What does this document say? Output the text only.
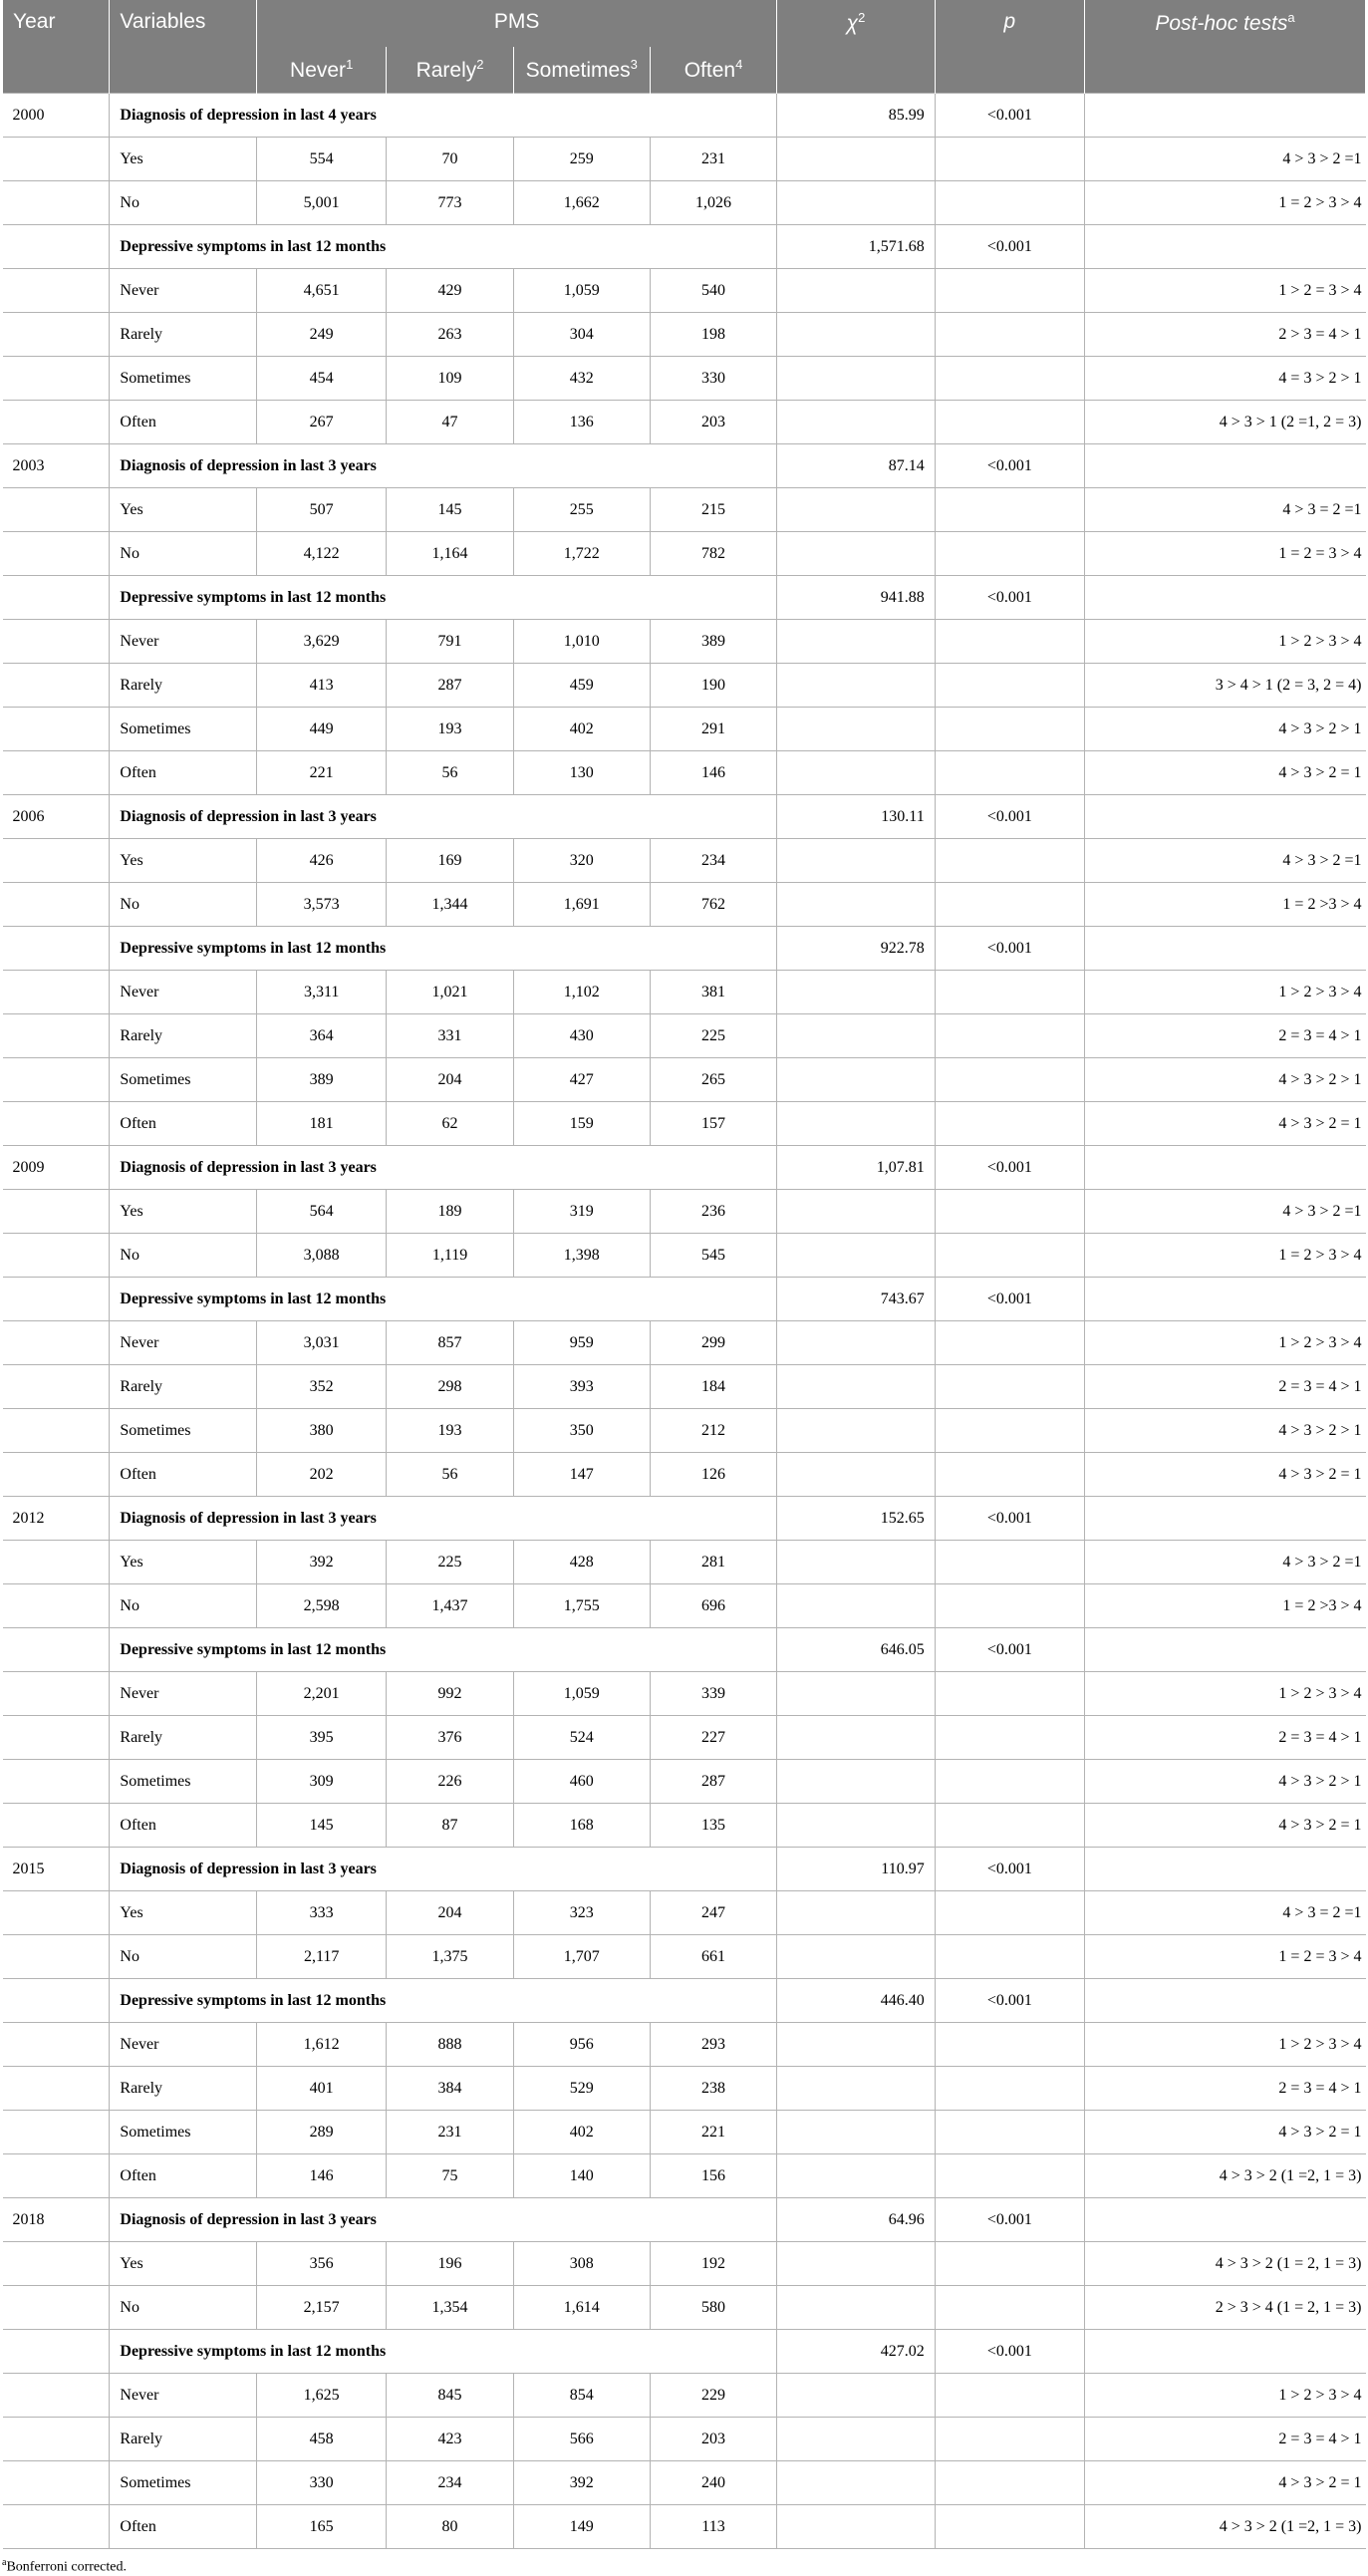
Year	Variables	PMS				$\chi^2$	p	Post-hoc tests$^a$
		Never$^1$	Rarely$^2$	Sometimes$^3$	Often$^4$
2000	Diagnosis of depression in last 4 years					85.99	<0.001	
	Yes	554	70	259	231			4 > 3 > 2 =1
	No	5,001	773	1,662	1,026			1 = 2 > 3 > 4
	Depressive symptoms in last 12 months					1,571.68	<0.001	
	Never	4,651	429	1,059	540			1 > 2 = 3 > 4
	Rarely	249	263	304	198			2 > 3 = 4 > 1
	Sometimes	454	109	432	330			4 = 3 > 2 > 1
	Often	267	47	136	203			4 > 3 > 1 (2 =1, 2 = 3)
2003	Diagnosis of depression in last 3 years					87.14	<0.001	
	Yes	507	145	255	215			4 > 3 = 2 =1
	No	4,122	1,164	1,722	782			1 = 2 = 3 > 4
	Depressive symptoms in last 12 months					941.88	<0.001	
	Never	3,629	791	1,010	389			1 > 2 > 3 > 4
	Rarely	413	287	459	190			3 > 4 > 1 (2 = 3, 2 = 4)
	Sometimes	449	193	402	291			4 > 3 > 2 > 1
	Often	221	56	130	146			4 > 3 > 2 = 1
2006	Diagnosis of depression in last 3 years					130.11	<0.001	
	Yes	426	169	320	234			4 > 3 > 2 =1
	No	3,573	1,344	1,691	762			1 = 2 >3 > 4
	Depressive symptoms in last 12 months					922.78	<0.001	
	Never	3,311	1,021	1,102	381			1 > 2 > 3 > 4
	Rarely	364	331	430	225			2 = 3 = 4 > 1
	Sometimes	389	204	427	265			4 > 3 > 2 > 1
	Often	181	62	159	157			4 > 3 > 2 = 1
2009	Diagnosis of depression in last 3 years					1,07.81	<0.001	
	Yes	564	189	319	236			4 > 3 > 2 =1
	No	3,088	1,119	1,398	545			1 = 2 > 3 > 4
	Depressive symptoms in last 12 months					743.67	<0.001	
	Never	3,031	857	959	299			1 > 2 > 3 > 4
	Rarely	352	298	393	184			2 = 3 = 4 > 1
	Sometimes	380	193	350	212			4 > 3 > 2 > 1
	Often	202	56	147	126			4 > 3 > 2 = 1
2012	Diagnosis of depression in last 3 years					152.65	<0.001	
	Yes	392	225	428	281			4 > 3 > 2 =1
	No	2,598	1,437	1,755	696			1 = 2 >3 > 4
	Depressive symptoms in last 12 months					646.05	<0.001	
	Never	2,201	992	1,059	339			1 > 2 > 3 > 4
	Rarely	395	376	524	227			2 = 3 = 4 > 1
	Sometimes	309	226	460	287			4 > 3 > 2 > 1
	Often	145	87	168	135			4 > 3 > 2 = 1
2015	Diagnosis of depression in last 3 years					110.97	<0.001	
	Yes	333	204	323	247			4 > 3 = 2 =1
	No	2,117	1,375	1,707	661			1 = 2 = 3 > 4
	Depressive symptoms in last 12 months					446.40	<0.001	
	Never	1,612	888	956	293			1 > 2 > 3 > 4
	Rarely	401	384	529	238			2 = 3 = 4 > 1
	Sometimes	289	231	402	221			4 > 3 > 2 = 1
	Often	146	75	140	156			4 > 3 > 2 (1 =2, 1 = 3)
2018	Diagnosis of depression in last 3 years					64.96	<0.001	
	Yes	356	196	308	192			4 > 3 > 2 (1 = 2, 1 = 3)
	No	2,157	1,354	1,614	580			2 > 3 > 4 (1 = 2, 1 = 3)
	Depressive symptoms in last 12 months					427.02	<0.001	
	Never	1,625	845	854	229			1 > 2 > 3 > 4
	Rarely	458	423	566	203			2 = 3 = 4 > 1
	Sometimes	330	234	392	240			4 > 3 > 2 = 1
	Often	165	80	149	113			4 > 3 > 2 (1 =2, 1 = 3)
$^a$Bonferroni corrected.
